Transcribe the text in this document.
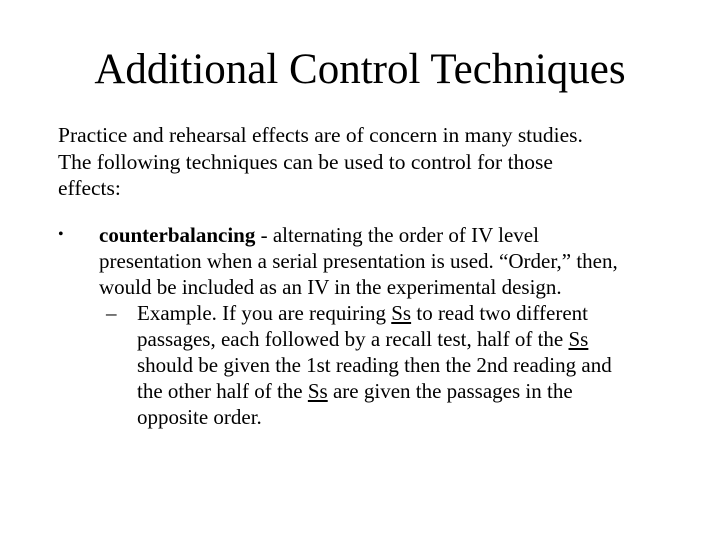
Additional Control Techniques
Practice and rehearsal effects are of concern in many studies.
The following techniques can be used to control for those
effects:
•	counterbalancing - alternating the order of IV level
presentation when a serial presentation is used. “Order,” then,
would be included as an IV in the experimental design.
– Example. If you are requiring Ss to read two different
passages, each followed by a recall test, half of the Ss
should be given the 1st reading then the 2nd reading and
the other half of the Ss are given the passages in the
opposite order.
